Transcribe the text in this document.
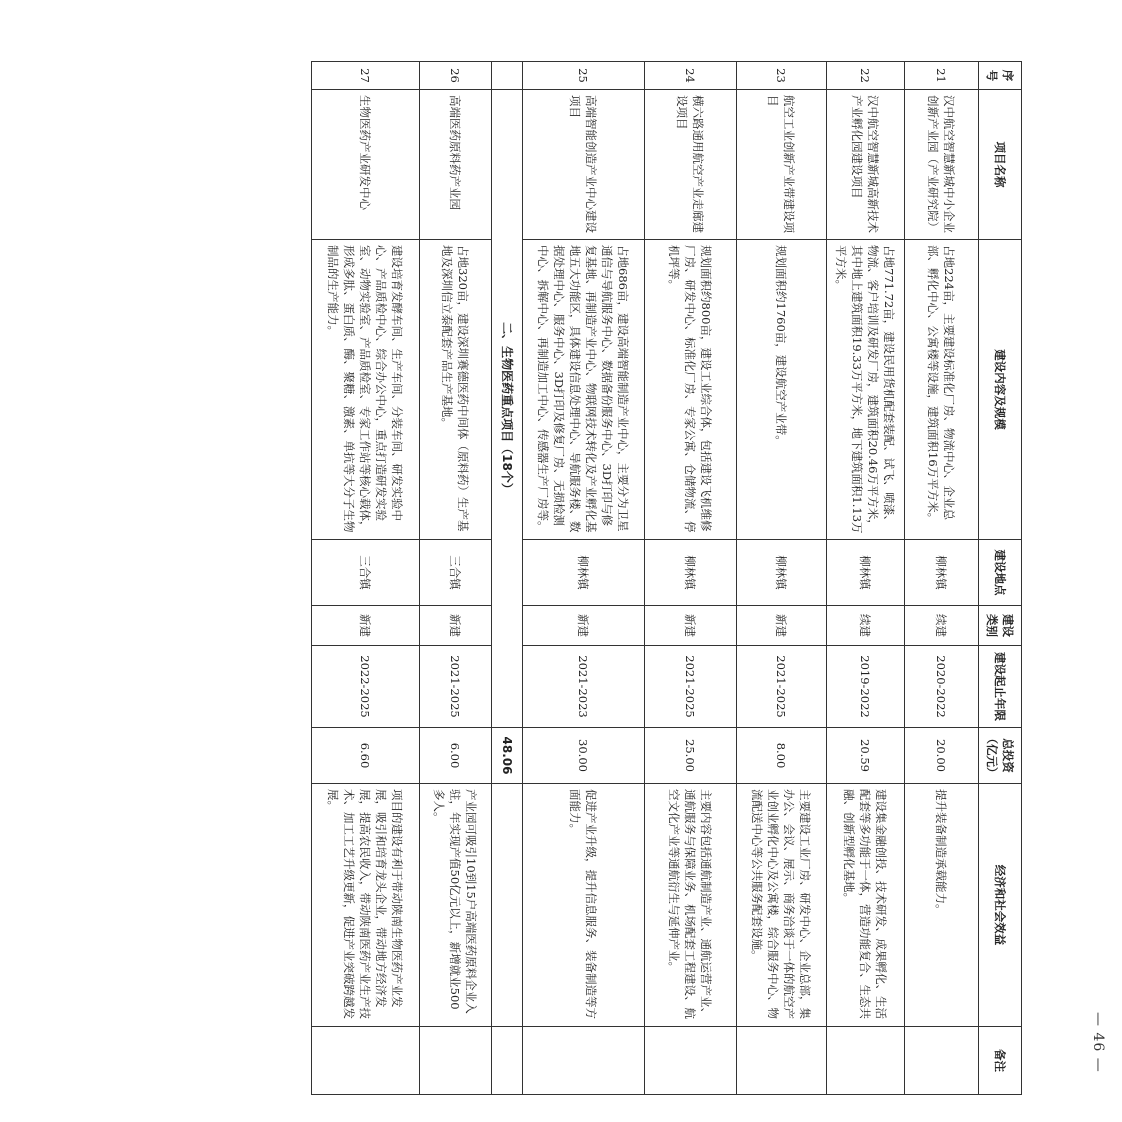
— 46 —
序号	项目名称	建设内容及规模	建设地点	建设类别	建设起止年限	总投资（亿元）	经济和社会效益	备注
21	汉中航空智慧新城中小企业创新产业园（产业研究院）	占地224亩，主要建设标准化厂房、物流中心、企业总部、孵化中心、公寓楼等设施，建筑面积16万平方米。	柳林镇	续建	2020-2022	20.00	提升装备制造承载能力。	
22	汉中航空智慧新城高新技术产业孵化园建设项目	占地771.72亩，建设民用货机配套装配、试飞、喷漆、物流、客户培训及研发厂房，建筑面积20.46万平方米，其中地上建筑面积19.33万平方米，地下建筑面积1.13万平方米。	柳林镇	续建	2019-2022	20.59	建设集金融创投、技术研发、成果孵化、生活配套等多功能于一体，营造功能复合、生态共融、创新型孵化基地。	
23	航空工业创新产业带建设项目	规划面积约1760亩，建设航空产业带。	柳林镇	新建	2021-2025	8.00	主要建设工业厂房、研发中心、企业总部，集办公、会议、展示、商务洽谈于一体的航空产业创业孵化中心及公寓楼，综合服务中心、物流配送中心等公共服务配套设施。	
24	横六路通用航空产业走廊建设项目	规划面积约800亩，建设工业综合体，包括建设飞机维修厂房、研发中心、标准化厂房、专家公寓、仓储物流、停机坪等。	柳林镇	新建	2021-2025	25.00	主要内容包括通航制造产业、通航运营产业、通航服务与保障业务、机场配套工程建设、航空文化产业等通航衍生与延伸产业。	
25	高端智能创造产业中心建设项目	占地686亩，建设高端智能制造产业中心，主要分为卫星通信与导航服务中心、数据备份服务中心、3D打印与修复基地、再制造产业中心、物联网技术转化及产业孵化基地五大功能区，具体建设信息处理中心、导航服务楼、数据处理中心、服务中心、3D打印及修复厂房、无损检测中心、拆解中心、再制造加工中心、传感器生产厂房等。	柳林镇	新建	2021-2023	30.00	促进产业升级，提升信息服务、装备制造等方面能力。	
	二、生物医药重点项目（18个）					48.06		
26	高端医药原料药产业园	占地320亩，建设深圳赛德医药中间体（原料药）生产基地及深圳信立泰配套产品生产基地。	三合镇	新建	2021-2025	6.00	产业园可吸引10到15户高端医药原料企业入驻，年实现产值50亿元以上，新增就业500多人。	
27	生物医药产业研发中心	建设培育发酵车间、生产车间、分装车间、研发实验中心、产品质检中心、综合办公中心，重点打造研发实验室、动物实验室、产品质检室、专家工作站等核心载体，形成多肽、蛋白质、酶、聚糖、激素、单抗等大分子生物制品的生产能力。	三合镇	新建	2022-2025	6.60	项目的建设有利于带动陕南生物医药产业发展，吸引和培育龙头企业，带动地方经济发展，提高农民收入，带动陕南医药产业生产技术、加工工艺升级更新，促进产业突破跨越发展。	
